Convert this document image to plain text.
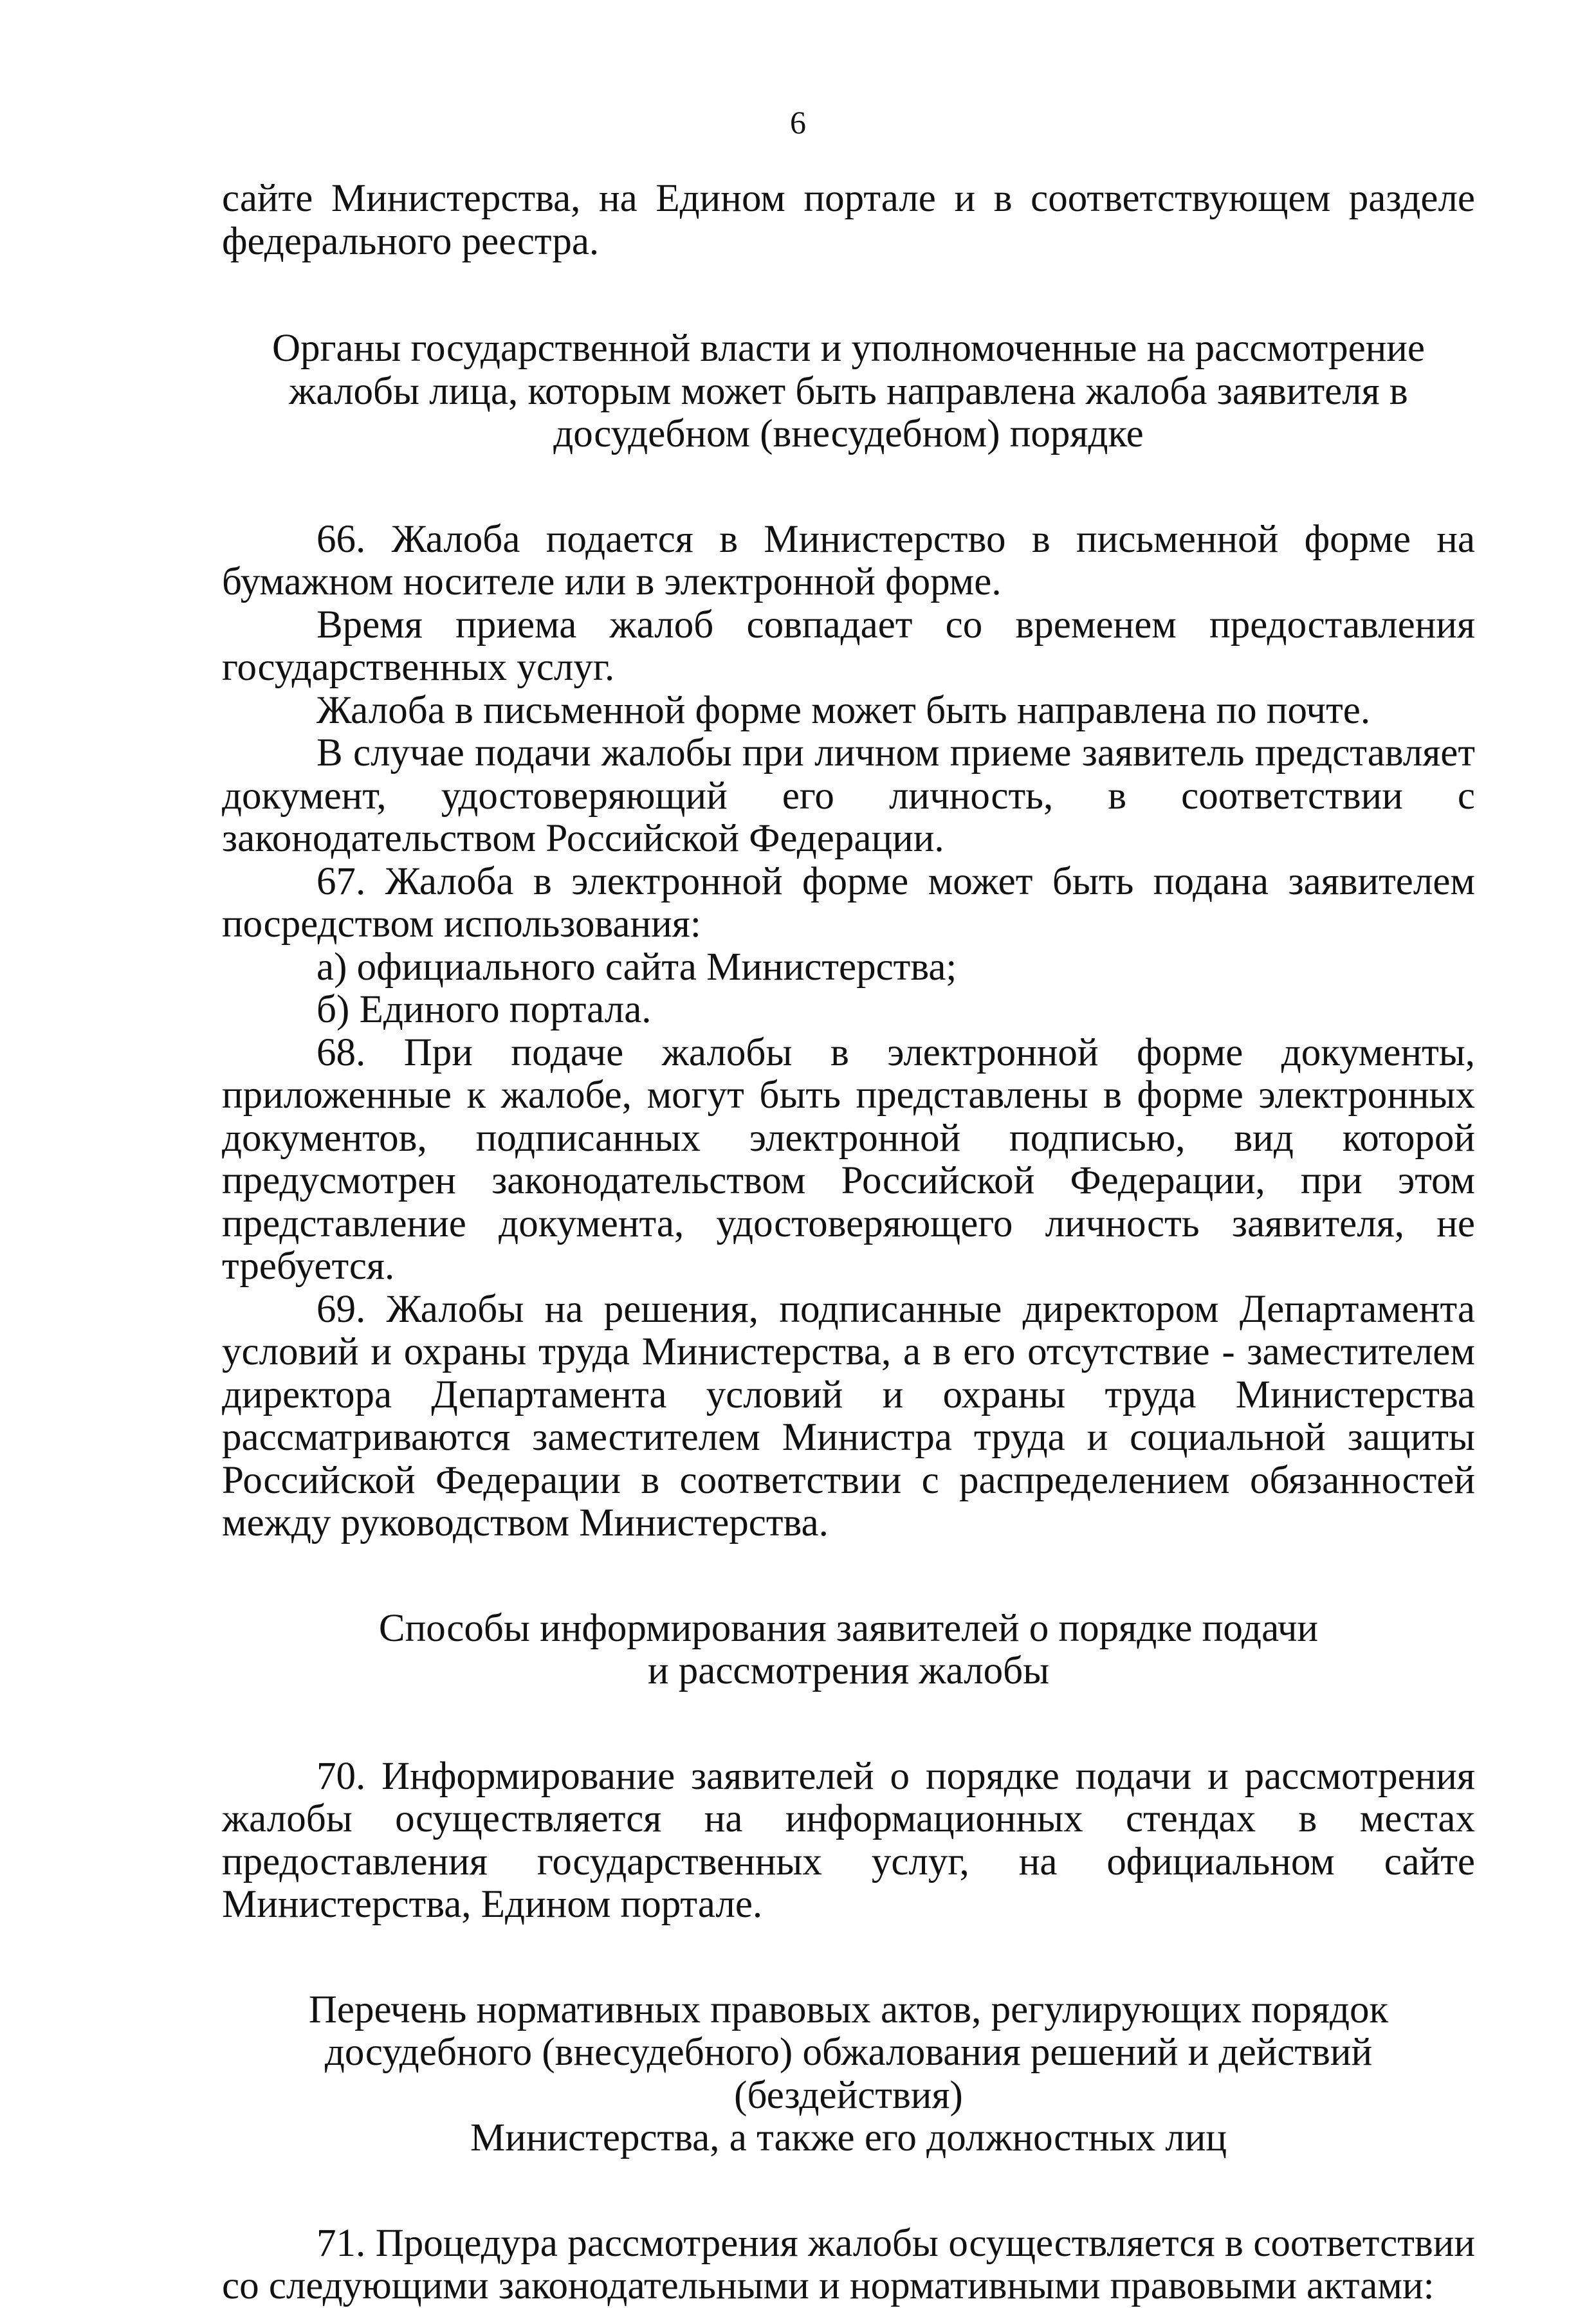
6

сайте Министерства, на Едином портале и в соответствующем разделе

федерального реестра.

Органы государственной власти и уполномоченные на рассмотрение
жалобы лица, которым может быть направлена жалоба заявителя в
досудебном (внесудебном) порядке

66. Жалоба подается в Министерство в письменной форме на бумажном носителе или в электронной форме.

Время приема жалоб совпадает со временем предоставления государственных услуг.

Жалоба в письменной форме может быть направлена по почте.

В случае подачи жалобы при личном приеме заявитель представляет документ, удостоверяющий его личность, в соответствии с законодательством Российской Федерации.

67. Жалоба в электронной форме может быть подана заявителем посредством использования:

а) официального сайта Министерства;

б) Единого портала.

68. При подаче жалобы в электронной форме документы, приложенные к жалобе, могут быть представлены в форме электронных документов, подписанных электронной подписью, вид которой предусмотрен законодательством Российской Федерации, при этом представление документа, удостоверяющего личность заявителя, не требуется.

69. Жалобы на решения, подписанные директором Департамента условий и охраны труда Министерства, а в его отсутствие - заместителем директора Департамента условий и охраны труда Министерства рассматриваются заместителем Министра труда и социальной защиты Российской Федерации в соответствии с распределением обязанностей между руководством Министерства.

Способы информирования заявителей о порядке подачи
и рассмотрения жалобы

70. Информирование заявителей о порядке подачи и рассмотрения жалобы осуществляется на информационных стендах в местах предоставления государственных услуг, на официальном сайте Министерства, Едином портале.

Перечень нормативных правовых актов, регулирующих порядок
досудебного (внесудебного) обжалования решений и действий (бездействия)
Министерства, а также его должностных лиц

71. Процедура рассмотрения жалобы осуществляется в соответствии со следующими законодательными и нормативными правовыми актами:
